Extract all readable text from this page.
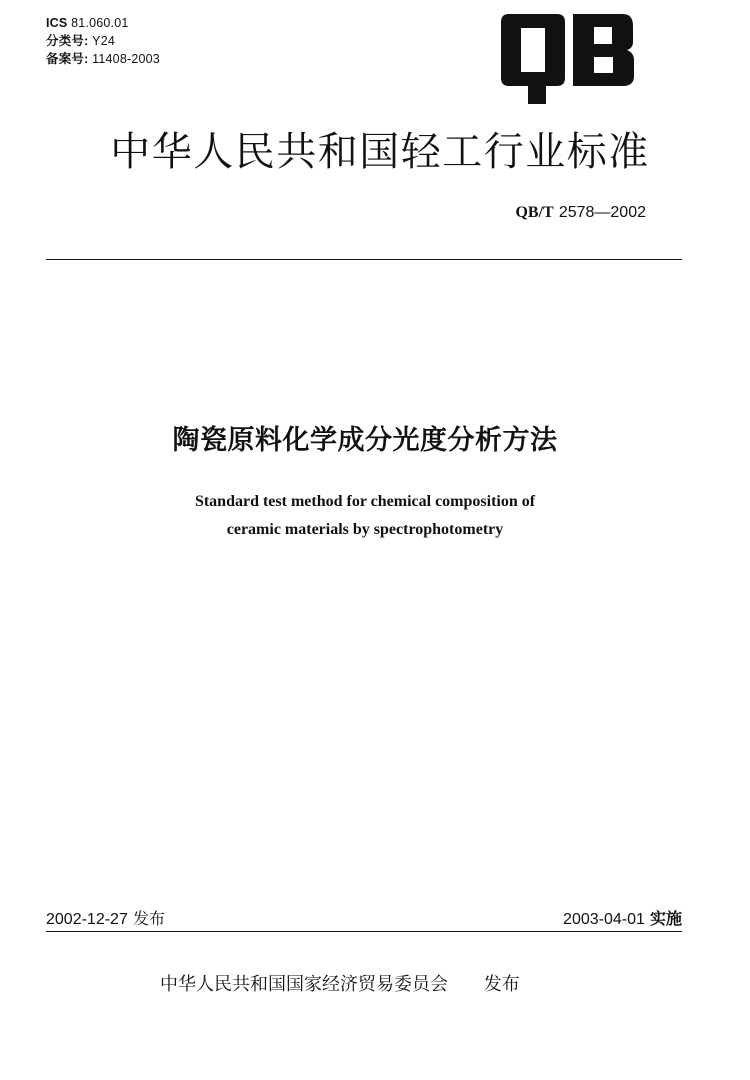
ICS 81.060.01
分类号: Y24
备案号: 11408-2003
中华人民共和国轻工行业标准
QB/T 2578—2002
陶瓷原料化学成分光度分析方法
Standard test method for chemical composition of
ceramic materials by spectrophotometry
2002-12-27 发布	2003-04-01 实施
中华人民共和国国家经济贸易委员会 发布
